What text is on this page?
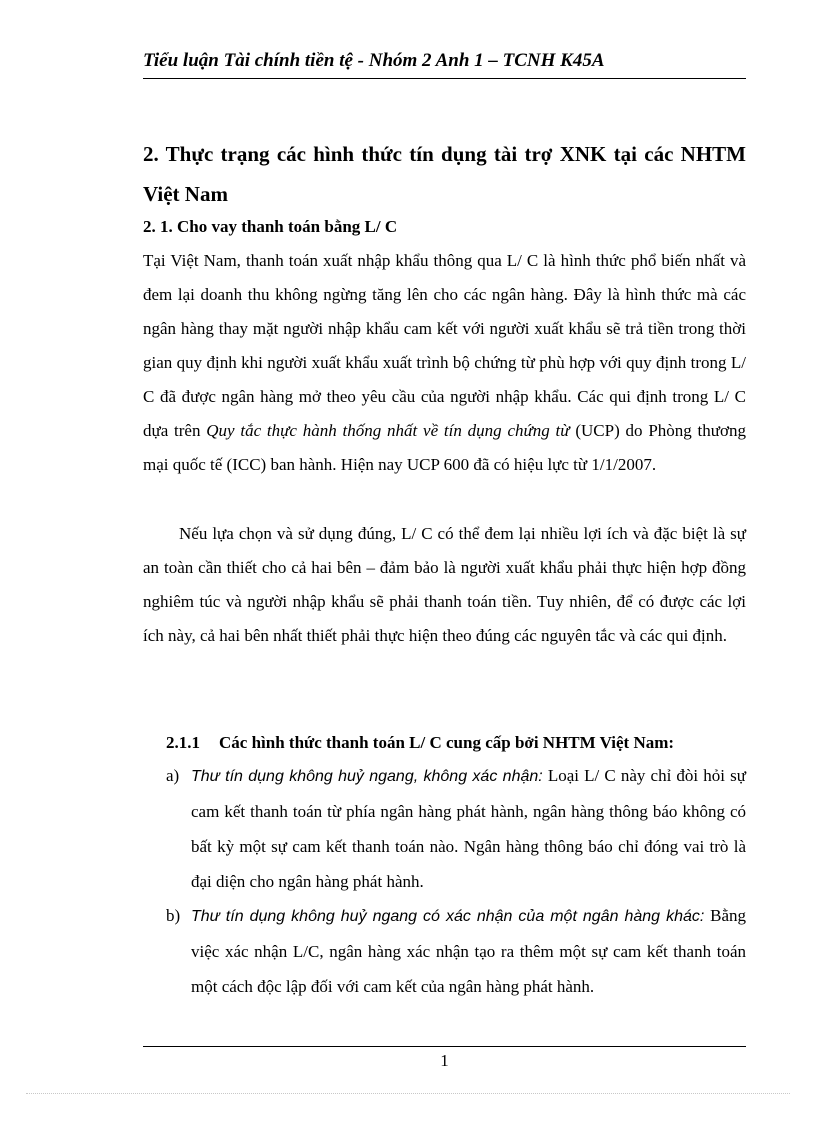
Tiểu luận Tài chính tiền tệ - Nhóm 2 Anh 1 – TCNH K45A
2. Thực trạng các hình thức tín dụng tài trợ XNK tại các NHTM Việt Nam
2. 1. Cho vay thanh toán bằng L/ C

Tại Việt Nam, thanh toán xuất nhập khẩu thông qua L/ C là hình thức phổ biến nhất và đem lại doanh thu không ngừng tăng lên cho các ngân hàng. Đây là hình thức mà các ngân hàng thay mặt người nhập khẩu cam kết với người xuất khẩu sẽ trả tiền trong thời gian quy định khi người xuất khẩu xuất trình bộ chứng từ phù hợp với quy định trong L/ C đã được ngân hàng mở theo yêu cầu của người nhập khẩu. Các qui định trong L/ C dựa trên Quy tắc thực hành thống nhất về tín dụng chứng từ (UCP) do Phòng thương mại quốc tế (ICC) ban hành. Hiện nay UCP 600 đã có hiệu lực từ 1/1/2007.

Nếu lựa chọn và sử dụng đúng, L/ C có thể đem lại nhiều lợi ích và đặc biệt là sự an toàn cần thiết cho cả hai bên – đảm bảo là người xuất khẩu phải thực hiện hợp đồng nghiêm túc và người nhập khẩu sẽ phải thanh toán tiền. Tuy nhiên, để có được các lợi ích này, cả hai bên nhất thiết phải thực hiện theo đúng các nguyên tắc và các qui định.

2.1.1 Các hình thức thanh toán L/ C cung cấp bởi NHTM Việt Nam:
a) Thư tín dụng không huỷ ngang, không xác nhận: Loại L/ C này chỉ đòi hỏi sự cam kết thanh toán từ phía ngân hàng phát hành, ngân hàng thông báo không có bất kỳ một sự cam kết thanh toán nào. Ngân hàng thông báo chỉ đóng vai trò là đại diện cho ngân hàng phát hành.
b) Thư tín dụng không huỷ ngang có xác nhận của một ngân hàng khác: Bằng việc xác nhận L/C, ngân hàng xác nhận tạo ra thêm một sự cam kết thanh toán một cách độc lập đối với cam kết của ngân hàng phát hành.
1
